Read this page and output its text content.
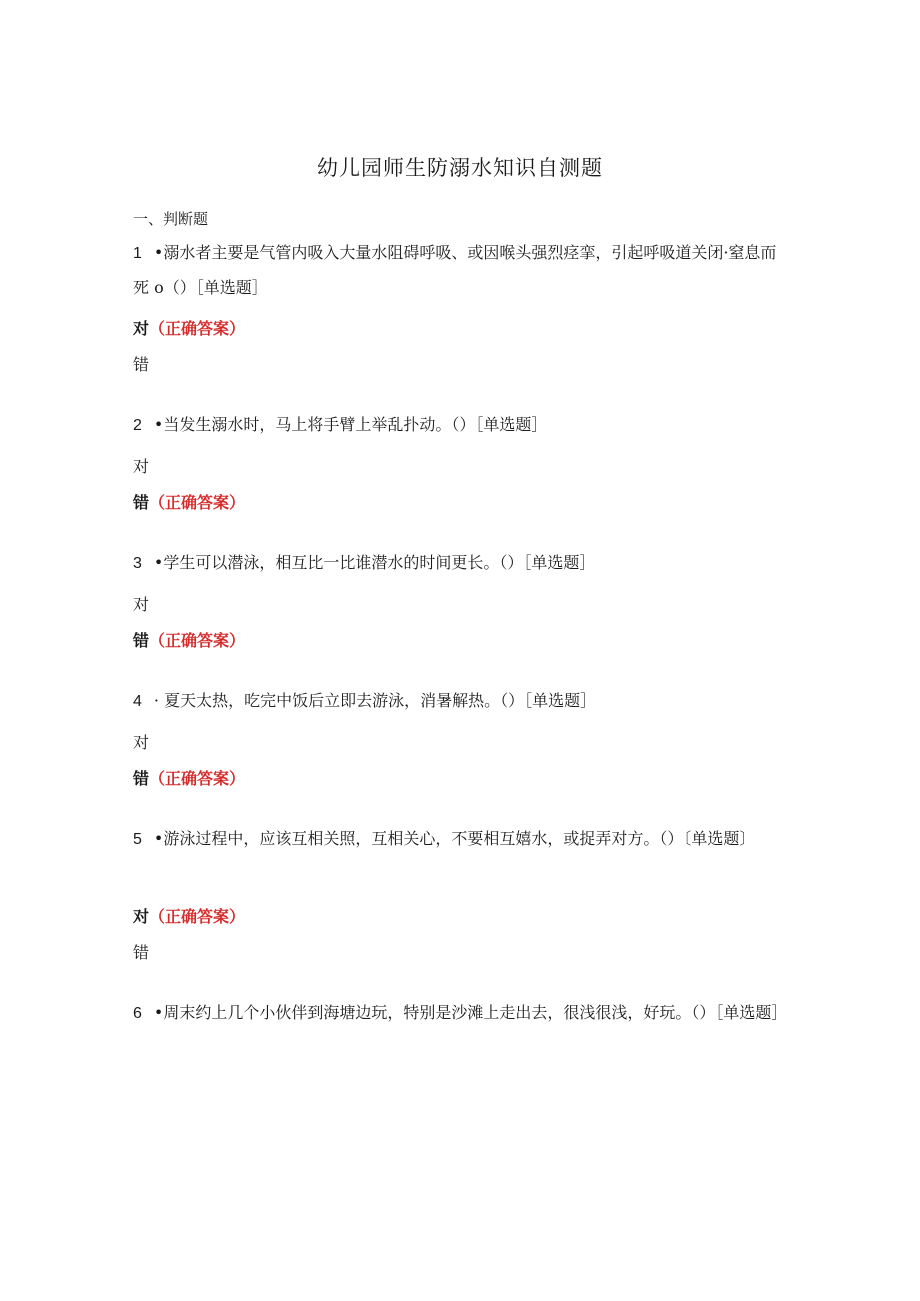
幼儿园师生防溺水知识自测题
一、判断题
1 •溺水者主要是气管内吸入大量水阻碍呼吸、或因喉头强烈痉挛，引起呼吸道关闭·窒息而死 o（）［单选题］
对（正确答案）
错
2 •当发生溺水时，马上将手臂上举乱扑动。（）［单选题］
对
错（正确答案）
3 •学生可以潜泳，相互比一比谁潜水的时间更长。（）［单选题］
对
错（正确答案）
4 · 夏天太热，吃完中饭后立即去游泳，消暑解热。（）［单选题］
对
错（正确答案）
5 •游泳过程中，应该互相关照，互相关心，不要相互嬉水，或捉弄对方。（）〔单选题〕
对（正确答案）
错
6 •周末约上几个小伙伴到海塘边玩，特别是沙滩上走出去，很浅很浅，好玩。（）［单选题］
